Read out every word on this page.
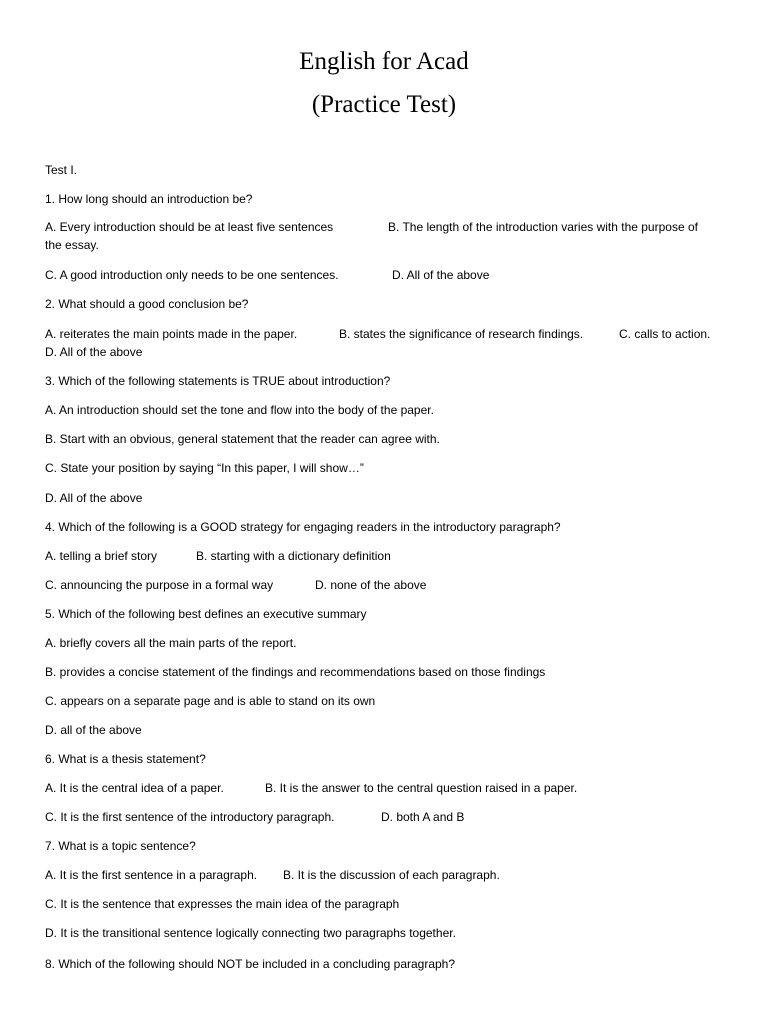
English for Acad
(Practice Test)
Test I.
1. How long should an introduction be?
A. Every introduction should be at least five sentences	B. The length of the introduction varies with the purpose of
the essay.
C. A good introduction only needs to be one sentences.	D. All of the above
2. What should a good conclusion be?
A. reiterates the main points made in the paper.	B. states the significance of research findings.	C. calls to action.
D. All of the above
3. Which of the following statements is TRUE about introduction?
A. An introduction should set the tone and flow into the body of the paper.
B. Start with an obvious, general statement that the reader can agree with.
C. State your position by saying “In this paper, I will show…”
D. All of the above
4. Which of the following is a GOOD strategy for engaging readers in the introductory paragraph?
A. telling a brief story	B. starting with a dictionary definition
C. announcing the purpose in a formal way	D. none of the above
5. Which of the following best defines an executive summary
A. briefly covers all the main parts of the report.
B. provides a concise statement of the findings and recommendations based on those findings
C. appears on a separate page and is able to stand on its own
D. all of the above
6. What is a thesis statement?
A. It is the central idea of a paper.	B. It is the answer to the central question raised in a paper.
C. It is the first sentence of the introductory paragraph.	D. both A and B
7. What is a topic sentence?
A. It is the first sentence in a paragraph. B. It is the discussion of each paragraph.
C. It is the sentence that expresses the main idea of the paragraph
D. It is the transitional sentence logically connecting two paragraphs together.
8. Which of the following should NOT be included in a concluding paragraph?
